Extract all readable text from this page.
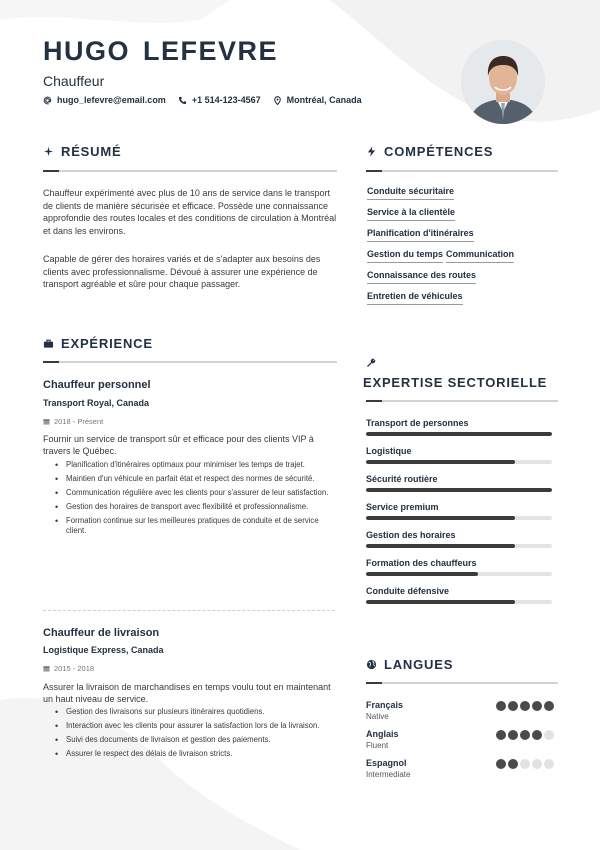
HUGO LEFEVRE
Chauffeur
hugo_lefevre@email.com	+1 514-123-4567	Montréal, Canada
RÉSUMÉ

Chauffeur expérimenté avec plus de 10 ans de service dans le transport de clients de manière sécurisée et efficace. Possède une connaissance approfondie des routes locales et des conditions de circulation à Montréal et dans les environs.

Capable de gérer des horaires variés et de s'adapter aux besoins des clients avec professionnalisme. Dévoué à assurer une expérience de transport agréable et sûre pour chaque passager.

COMPÉTENCES
Conduite sécuritaire
Service à la clientèle
Planification d'itinéraires
Gestion du temps Communication
Connaissance des routes
Entretien de véhicules
EXPÉRIENCE
Chauffeur personnel
Transport Royal, Canada
2018 - Présent
Fournir un service de transport sûr et efficace pour des clients VIP à travers le Québec.
• Planification d'itinéraires optimaux pour minimiser les temps de trajet.
• Maintien d'un véhicule en parfait état et respect des normes de sécurité.
• Communication régulière avec les clients pour s'assurer de leur satisfaction.
• Gestion des horaires de transport avec flexibilité et professionnalisme.
• Formation continue sur les meilleures pratiques de conduite et de service client.
Chauffeur de livraison
Logistique Express, Canada
2015 - 2018
Assurer la livraison de marchandises en temps voulu tout en maintenant un haut niveau de service.
• Gestion des livraisons sur plusieurs itinéraires quotidiens.
• Interaction avec les clients pour assurer la satisfaction lors de la livraison.
• Suivi des documents de livraison et gestion des paiements.
• Assurer le respect des délais de livraison stricts.
EXPERTISE SECTORIELLE
Transport de personnes
Logistique
Sécurité routière
Service premium
Gestion des horaires
Formation des chauffeurs
Conduite défensive
LANGUES
Français
Native
Anglais
Fluent
Espagnol
Intermediate
